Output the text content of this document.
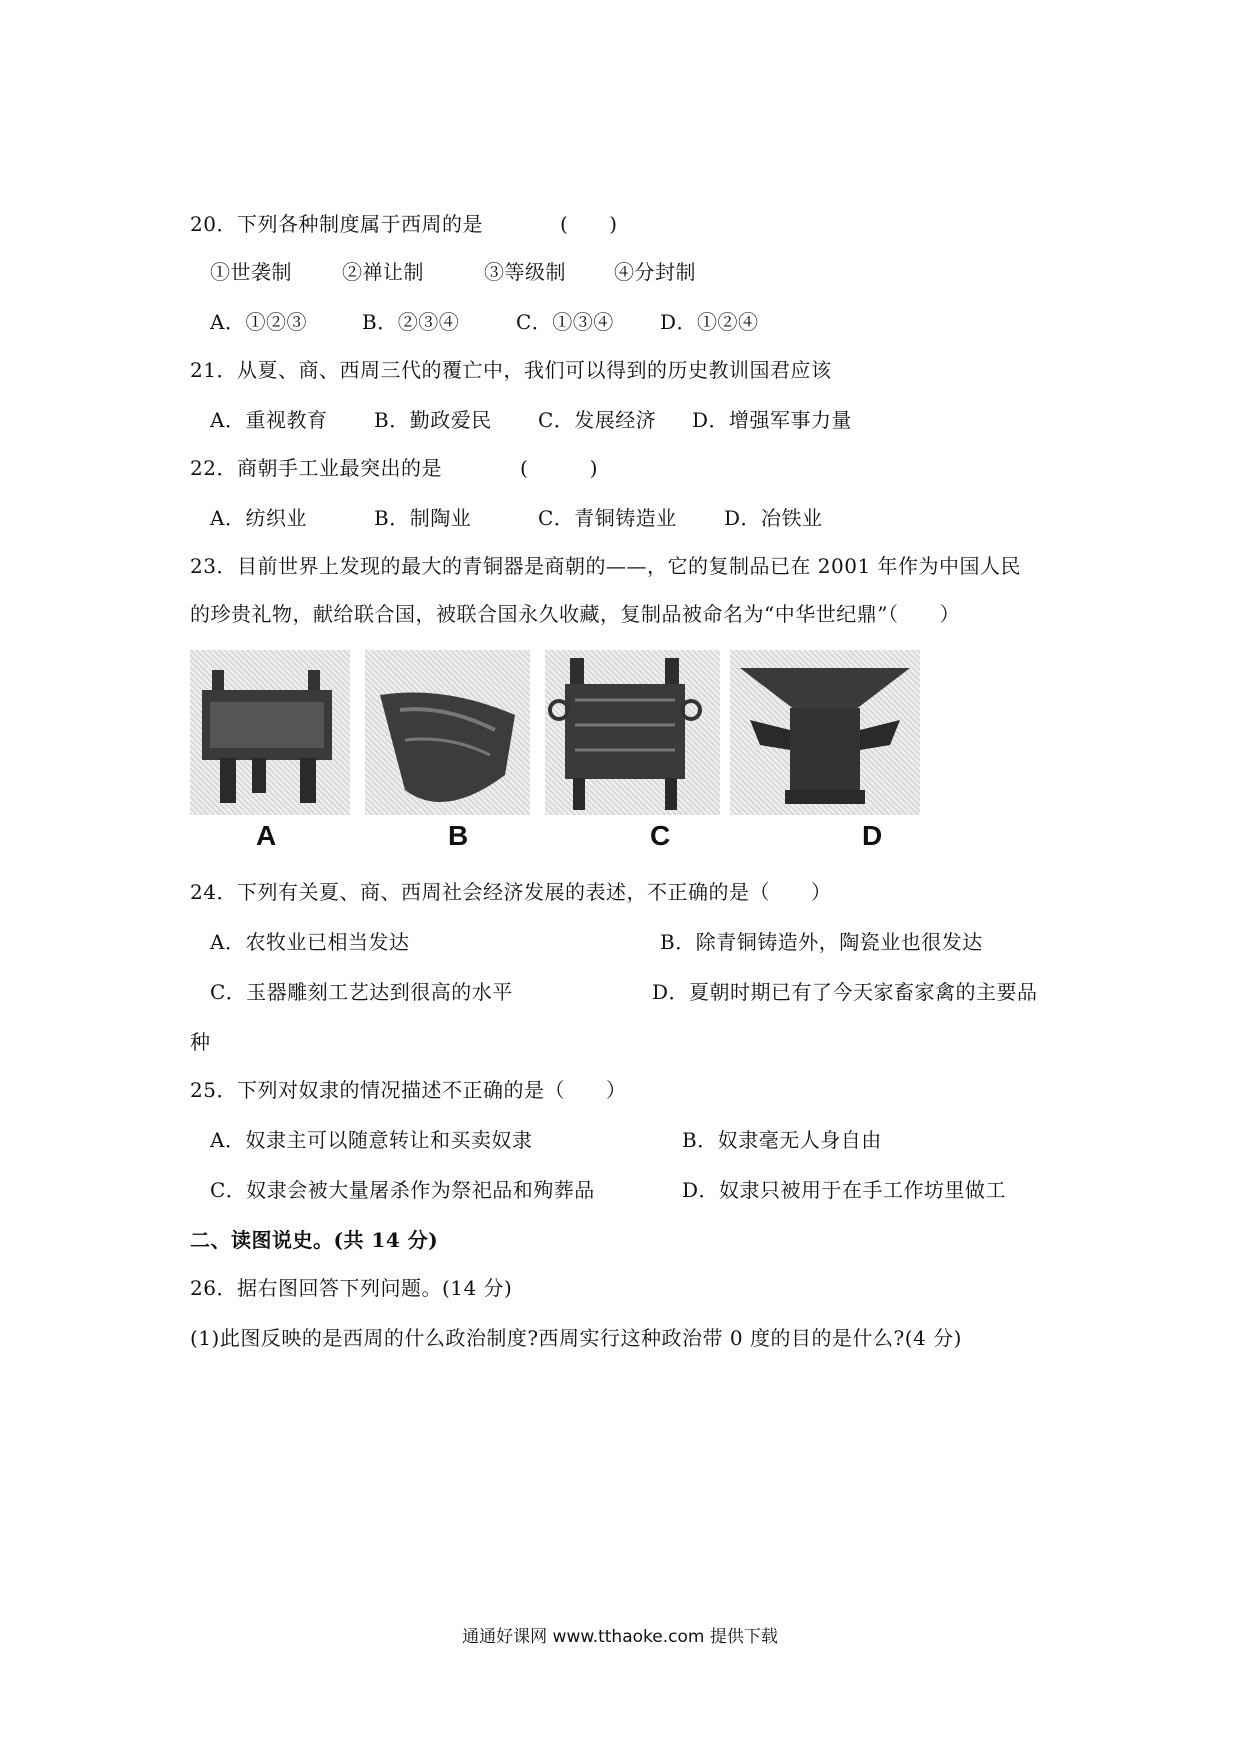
20．下列各种制度属于西周的是	(　　)
①世袭制	②禅让制	③等级制 ④分封制
A．①②③	B．②③④	C．①③④ D．①②④
21．从夏、商、西周三代的覆亡中，我们可以得到的历史教训国君应该
A．重视教育 B．勤政爱民 C．发展经济 D．增强军事力量
22．商朝手工业最突出的是	(　　　)
A．纺织业	B．制陶业	C．青铜铸造业 D．冶铁业
23．目前世界上发现的最大的青铜器是商朝的——，它的复制品已在 2001 年作为中国人民
的珍贵礼物，献给联合国，被联合国永久收藏，复制品被命名为“中华世纪鼎”（　　）
A	B	C	D
24．下列有关夏、商、西周社会经济发展的表述，不正确的是（　　）
A．农牧业已相当发达	B．除青铜铸造外，陶瓷业也很发达
C．玉器雕刻工艺达到很高的水平	D．夏朝时期已有了今天家畜家禽的主要品
种
25．下列对奴隶的情况描述不正确的是（　　）
A．奴隶主可以随意转让和买卖奴隶	B．奴隶毫无人身自由
C．奴隶会被大量屠杀作为祭祀品和殉葬品	D．奴隶只被用于在手工作坊里做工
二、读图说史。(共 14 分)
26．据右图回答下列问题。(14 分)
(1)此图反映的是西周的什么政治制度?西周实行这种政治带 0 度的目的是什么?(4 分)
通通好课网 www.tthaoke.com 提供下载
